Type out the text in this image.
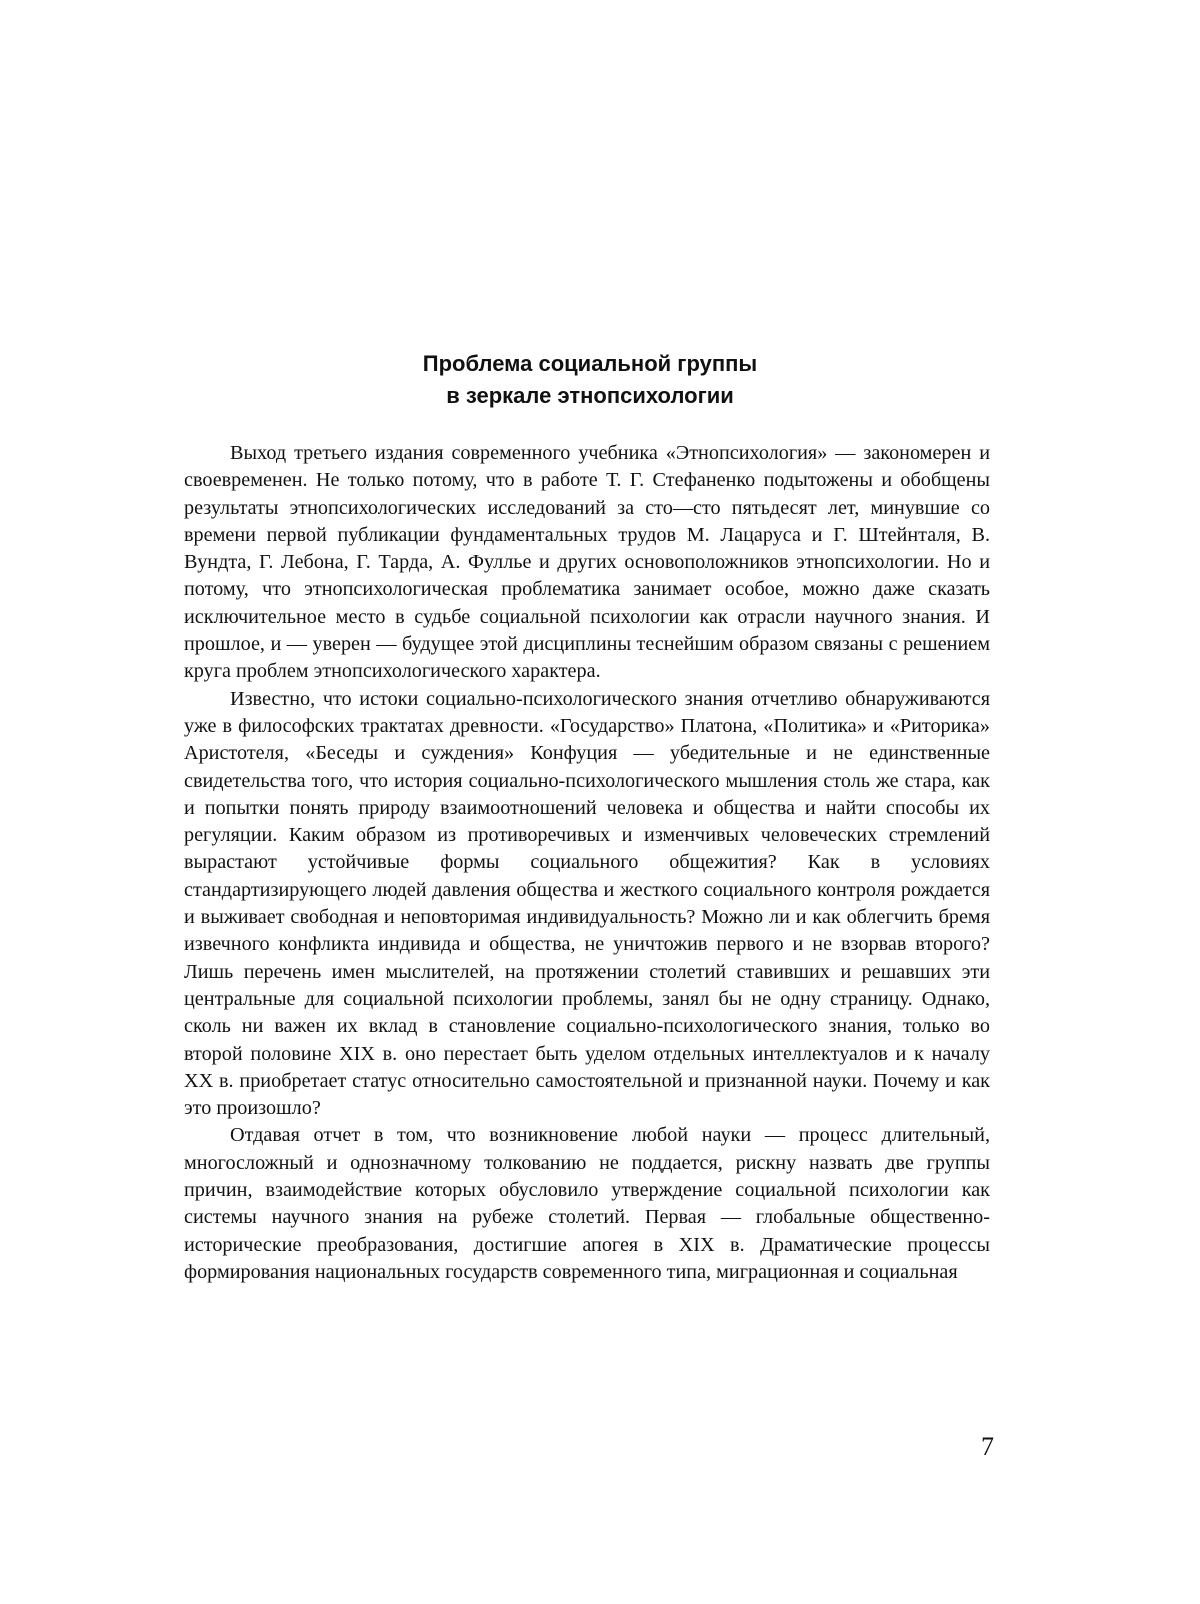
Проблема социальной группы
в зеркале этнопсихологии

Выход третьего издания современного учебника «Этнопсихология» — закономерен и своевременен. Не только потому, что в работе Т. Г. Стефаненко подытожены и обобщены результаты этнопсихологических исследований за сто—сто пятьдесят лет, минувшие со времени первой публикации фундаментальных трудов М. Лацаруса и Г. Штейнталя, В. Вундта, Г. Лебона, Г. Тарда, А. Фуллье и других основоположников этнопсихологии. Но и потому, что этнопсихологическая проблематика занимает особое, можно даже сказать исключительное место в судьбе социальной психологии как отрасли научного знания. И прошлое, и — уверен — будущее этой дисциплины теснейшим образом связаны с решением круга проблем этнопсихологического характера.

Известно, что истоки социально-психологического знания отчетливо обнаруживаются уже в философских трактатах древности. «Государство» Платона, «Политика» и «Риторика» Аристотеля, «Беседы и суждения» Конфуция — убедительные и не единственные свидетельства того, что история социально-психологического мышления столь же стара, как и попытки понять природу взаимоотношений человека и общества и найти способы их регуляции. Каким образом из противоречивых и изменчивых человеческих стремлений вырастают устойчивые формы социального общежития? Как в условиях стандартизирующего людей давления общества и жесткого социального контроля рождается и выживает свободная и неповторимая индивидуальность? Можно ли и как облегчить бремя извечного конфликта индивида и общества, не уничтожив первого и не взорвав второго? Лишь перечень имен мыслителей, на протяжении столетий ставивших и решавших эти центральные для социальной психологии проблемы, занял бы не одну страницу. Однако, сколь ни важен их вклад в становление социально-психологического знания, только во второй половине XIX в. оно перестает быть уделом отдельных интеллектуалов и к началу XX в. приобретает статус относительно самостоятельной и признанной науки. Почему и как это произошло?

Отдавая отчет в том, что возникновение любой науки — процесс длительный, многосложный и однозначному толкованию не поддается, рискну назвать две группы причин, взаимодействие которых обусловило утверждение социальной психологии как системы научного знания на рубеже столетий. Первая — глобальные общественно-исторические преобразования, достигшие апогея в XIX в. Драматические процессы формирования национальных государств современного типа, миграционная и социальная

7
